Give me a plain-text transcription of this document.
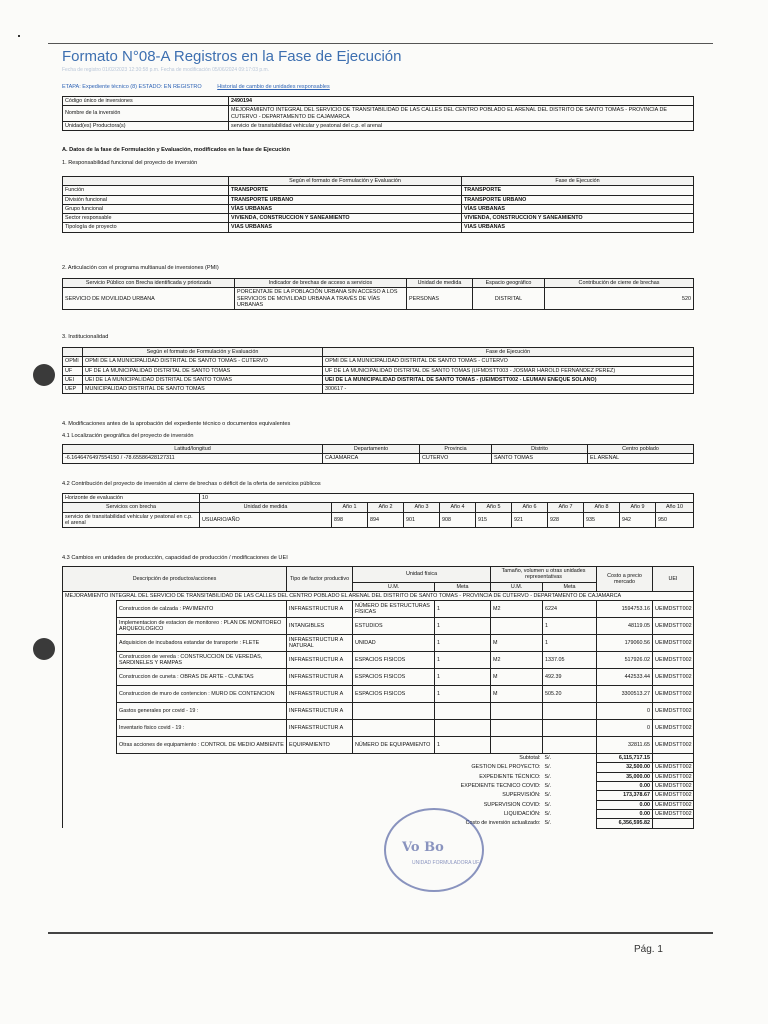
Formato N°08-A Registros en la Fase de Ejecución
Fecha de registro 01/02/2023 12:30:58 p.m. Fecha de modificación 05/06/2024 09:17:03 p.m.
ETAPA: Expediente técnico (8) ESTADO: EN REGISTRO	Historial de cambio de unidades responsables
Código único de inversiones	2490194
Nombre de la inversión	MEJORAMIENTO INTEGRAL DEL SERVICIO DE TRANSITABILIDAD DE LAS CALLES DEL CENTRO POBLADO EL ARENAL DEL DISTRITO DE SANTO TOMAS - PROVINCIA DE CUTERVO - DEPARTAMENTO DE CAJAMARCA
Unidad(es) Productora(s)	servicio de transitabilidad vehicular y peatonal del c.p. el arenal
A. Datos de la fase de Formulación y Evaluación, modificados en la fase de Ejecución
1. Responsabilidad funcional del proyecto de inversión
	Según el formato de Formulación y Evaluación	Fase de Ejecución
Función	TRANSPORTE	TRANSPORTE
División funcional	TRANSPORTE URBANO	TRANSPORTE URBANO
Grupo funcional	VÍAS URBANAS	VÍAS URBANAS
Sector responsable	VIVIENDA, CONSTRUCCION Y SANEAMIENTO	VIVIENDA, CONSTRUCCION Y SANEAMIENTO
Tipología de proyecto	VIAS URBANAS	VIAS URBANAS
2. Articulación con el programa multianual de inversiones (PMI)
Servicio Público con Brecha identificada y priorizada	Indicador de brechas de acceso a servicios	Unidad de medida	Espacio geográfico	Contribución de cierre de brechas
SERVICIO DE MOVILIDAD URBANA	PORCENTAJE DE LA POBLACIÓN URBANA SIN ACCESO A LOS SERVICIOS DE MOVILIDAD URBANA A TRAVÉS DE VÍAS URBANAS	PERSONAS	DISTRITAL	520
3. Institucionalidad
	Según el formato de Formulación y Evaluación	Fase de Ejecución
OPMI	OPMI DE LA MUNICIPALIDAD DISTRITAL DE SANTO TOMAS - CUTERVO	OPMI DE LA MUNICIPALIDAD DISTRITAL DE SANTO TOMAS - CUTERVO
UF	UF DE LA MUNICIPALIDAD DISTRITAL DE SANTO TOMAS	UF DE LA MUNICIPALIDAD DISTRITAL DE SANTO TOMAS (UFMDSTT003 - JOSMAR HAROLD FERNANDEZ PEREZ)
UEI	UEI DE LA MUNICIPALIDAD DISTRITAL DE SANTO TOMAS	UEI DE LA MUNICIPALIDAD DISTRITAL DE SANTO TOMAS - (UEIMDSTT002 - LEUMAN ENEQUE SOLANO)
UEP	MUNICIPALIDAD DISTRITAL DE SANTO TOMAS	300617 -
4. Modificaciones antes de la aprobación del expediente técnico o documentos equivalentes
4.1 Localización geográfica del proyecto de inversión
Latitud/longitud	Departamento	Provincia	Distrito	Centro poblado
-6.1646476497554150 / -78.65586428127311	CAJAMARCA	CUTERVO	SANTO TOMAS	EL ARENAL
4.2 Contribución del proyecto de inversión al cierre de brechas o déficit de la oferta de servicios públicos
Horizonte de evaluación	10										
Servicios con brecha	Unidad de medida	Año 1	Año 2	Año 3	Año 4	Año 5	Año 6	Año 7	Año 8	Año 9	Año 10
servicio de transitabilidad vehicular y peatonal en c.p. el arenal	USUARIO/AÑO	898	894	901	908	915	921	928	935	942	950
4.3 Cambios en unidades de producción, capacidad de producción / modificaciones de UEI
Descripción de productos/acciones		Tipo de factor productivo	Unidad física		Tamaño, volumen u otras unidades representativas		Costo a precio mercado	UEI
			U.M.	Meta	U.M.	Meta		
MEJORAMIENTO INTEGRAL DEL SERVICIO DE TRANSITABILIDAD DE LAS CALLES DEL CENTRO POBLADO EL ARENAL DEL DISTRITO DE SANTO TOMAS - PROVINCIA DE CUTERVO - DEPARTAMENTO DE CAJAMARCA								
	Construccion de calzada : PAVIMENTO	INFRAESTRUCTUR A	NÚMERO DE ESTRUCTURAS FÍSICAS	1	M2	6224	1594753.16	UEIMDSTT002
	Implementacion de estacion de monitoreo : PLAN DE MONITOREO ARQUEOLOGICO	INTANGIBLES	ESTUDIOS	1		1	48119.05	UEIMDSTT002
	Adquisicion de incubadora estandar de transporte : FLETE	INFRAESTRUCTUR A NATURAL	UNIDAD	1	M	1	179060.56	UEIMDSTT002
	Construccion de vereda : CONSTRUCCION DE VEREDAS, SARDINELES Y RAMPAS	INFRAESTRUCTUR A	ESPACIOS FISICOS	1	M2	1337.05	517926.02	UEIMDSTT002
	Construccion de cuneta : OBRAS DE ARTE - CUNETAS	INFRAESTRUCTUR A	ESPACIOS FISICOS	1	M	492.39	442533.44	UEIMDSTT002
	Construccion de muro de contencion : MURO DE CONTENCION	INFRAESTRUCTUR A	ESPACIOS FISICOS	1	M	505.20	3300513.27	UEIMDSTT002
	Gastos generales por covid - 19 :	INFRAESTRUCTUR A					0	UEIMDSTT002
	Inventario fisico covid - 19 :	INFRAESTRUCTUR A					0	UEIMDSTT002
	Otras acciones de equipamiento : CONTROL DE MEDIO AMBIENTE	EQUIPAMIENTO	NÚMERO DE EQUIPAMIENTO	1			32811.65	UEIMDSTT002
Subtotal:						S/.	6,115,717.15	
GESTION DEL PROYECTO:						S/.	32,500.00	UEIMDSTT002
EXPEDIENTE TÉCNICO:						S/.	35,000.00	UEIMDSTT002
EXPEDIENTE TECNICO COVID:						S/.	0.00	UEIMDSTT002
SUPERVISIÓN:						S/.	173,378.67	UEIMDSTT002
SUPERVISION COVID:						S/.	0.00	UEIMDSTT002
LIQUIDACIÓN:						S/.	0.00	UEIMDSTT002
Costo de inversión actualizado:						S/.	6,356,595.82	
Vo Bo
UNIDAD FORMULADORA UF
Pág. 1
